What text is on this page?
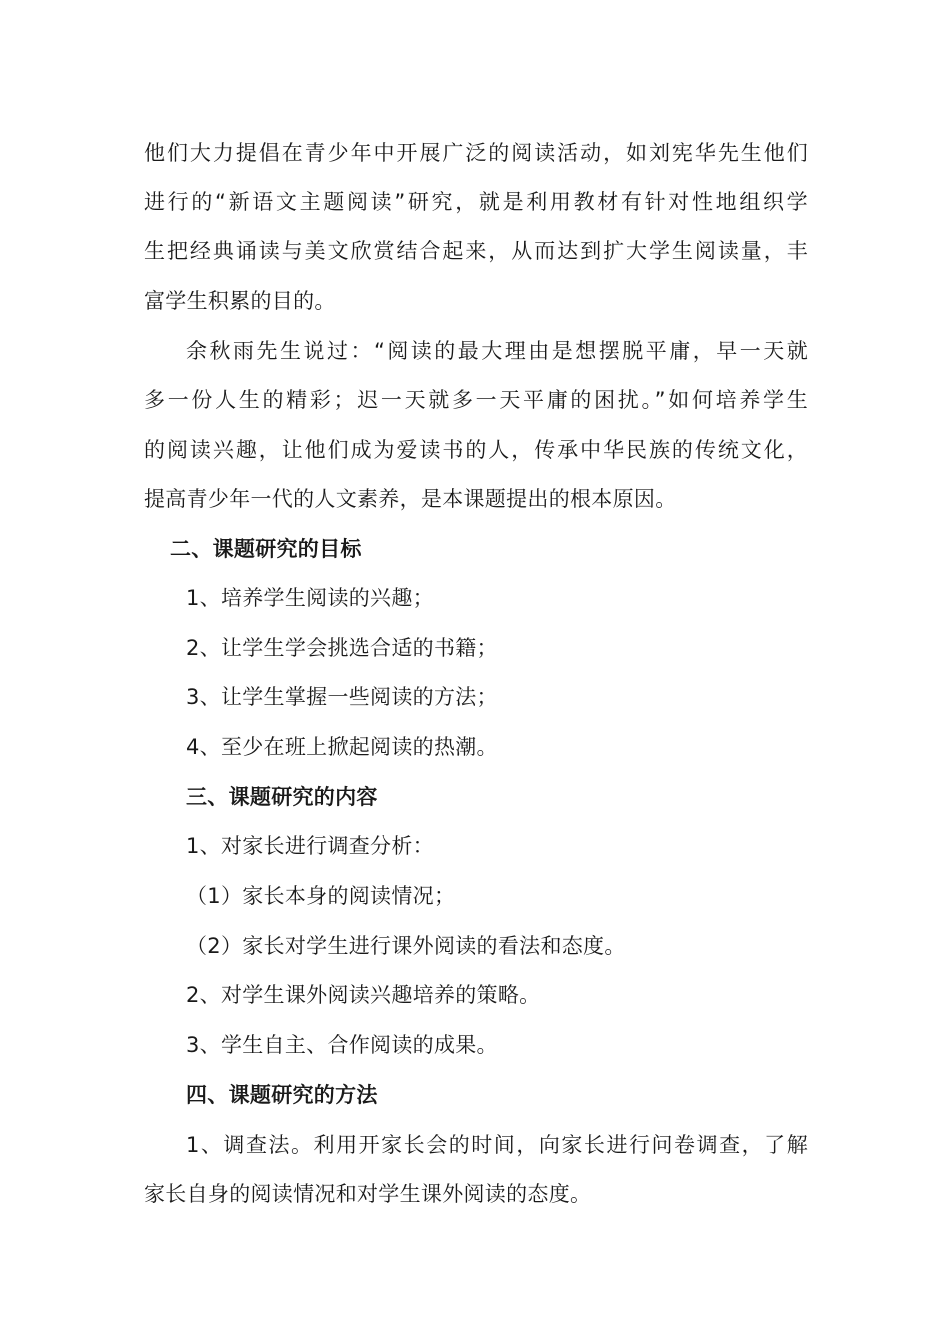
他们大力提倡在青少年中开展广泛的阅读活动，如刘宪华先生他们
进行的“新语文主题阅读”研究，就是利用教材有针对性地组织学
生把经典诵读与美文欣赏结合起来，从而达到扩大学生阅读量，丰
富学生积累的目的。
余秋雨先生说过：“阅读的最大理由是想摆脱平庸，早一天就
多一份人生的精彩；迟一天就多一天平庸的困扰。”如何培养学生
的阅读兴趣，让他们成为爱读书的人，传承中华民族的传统文化，
提高青少年一代的人文素养，是本课题提出的根本原因。
二、课题研究的目标
1、培养学生阅读的兴趣；
2、让学生学会挑选合适的书籍；
3、让学生掌握一些阅读的方法；
4、至少在班上掀起阅读的热潮。
三、课题研究的内容
1、对家长进行调查分析：
（1）家长本身的阅读情况；
（2）家长对学生进行课外阅读的看法和态度。
2、对学生课外阅读兴趣培养的策略。
3、学生自主、合作阅读的成果。
四、课题研究的方法
1、调查法。利用开家长会的时间，向家长进行问卷调查，了解
家长自身的阅读情况和对学生课外阅读的态度。
